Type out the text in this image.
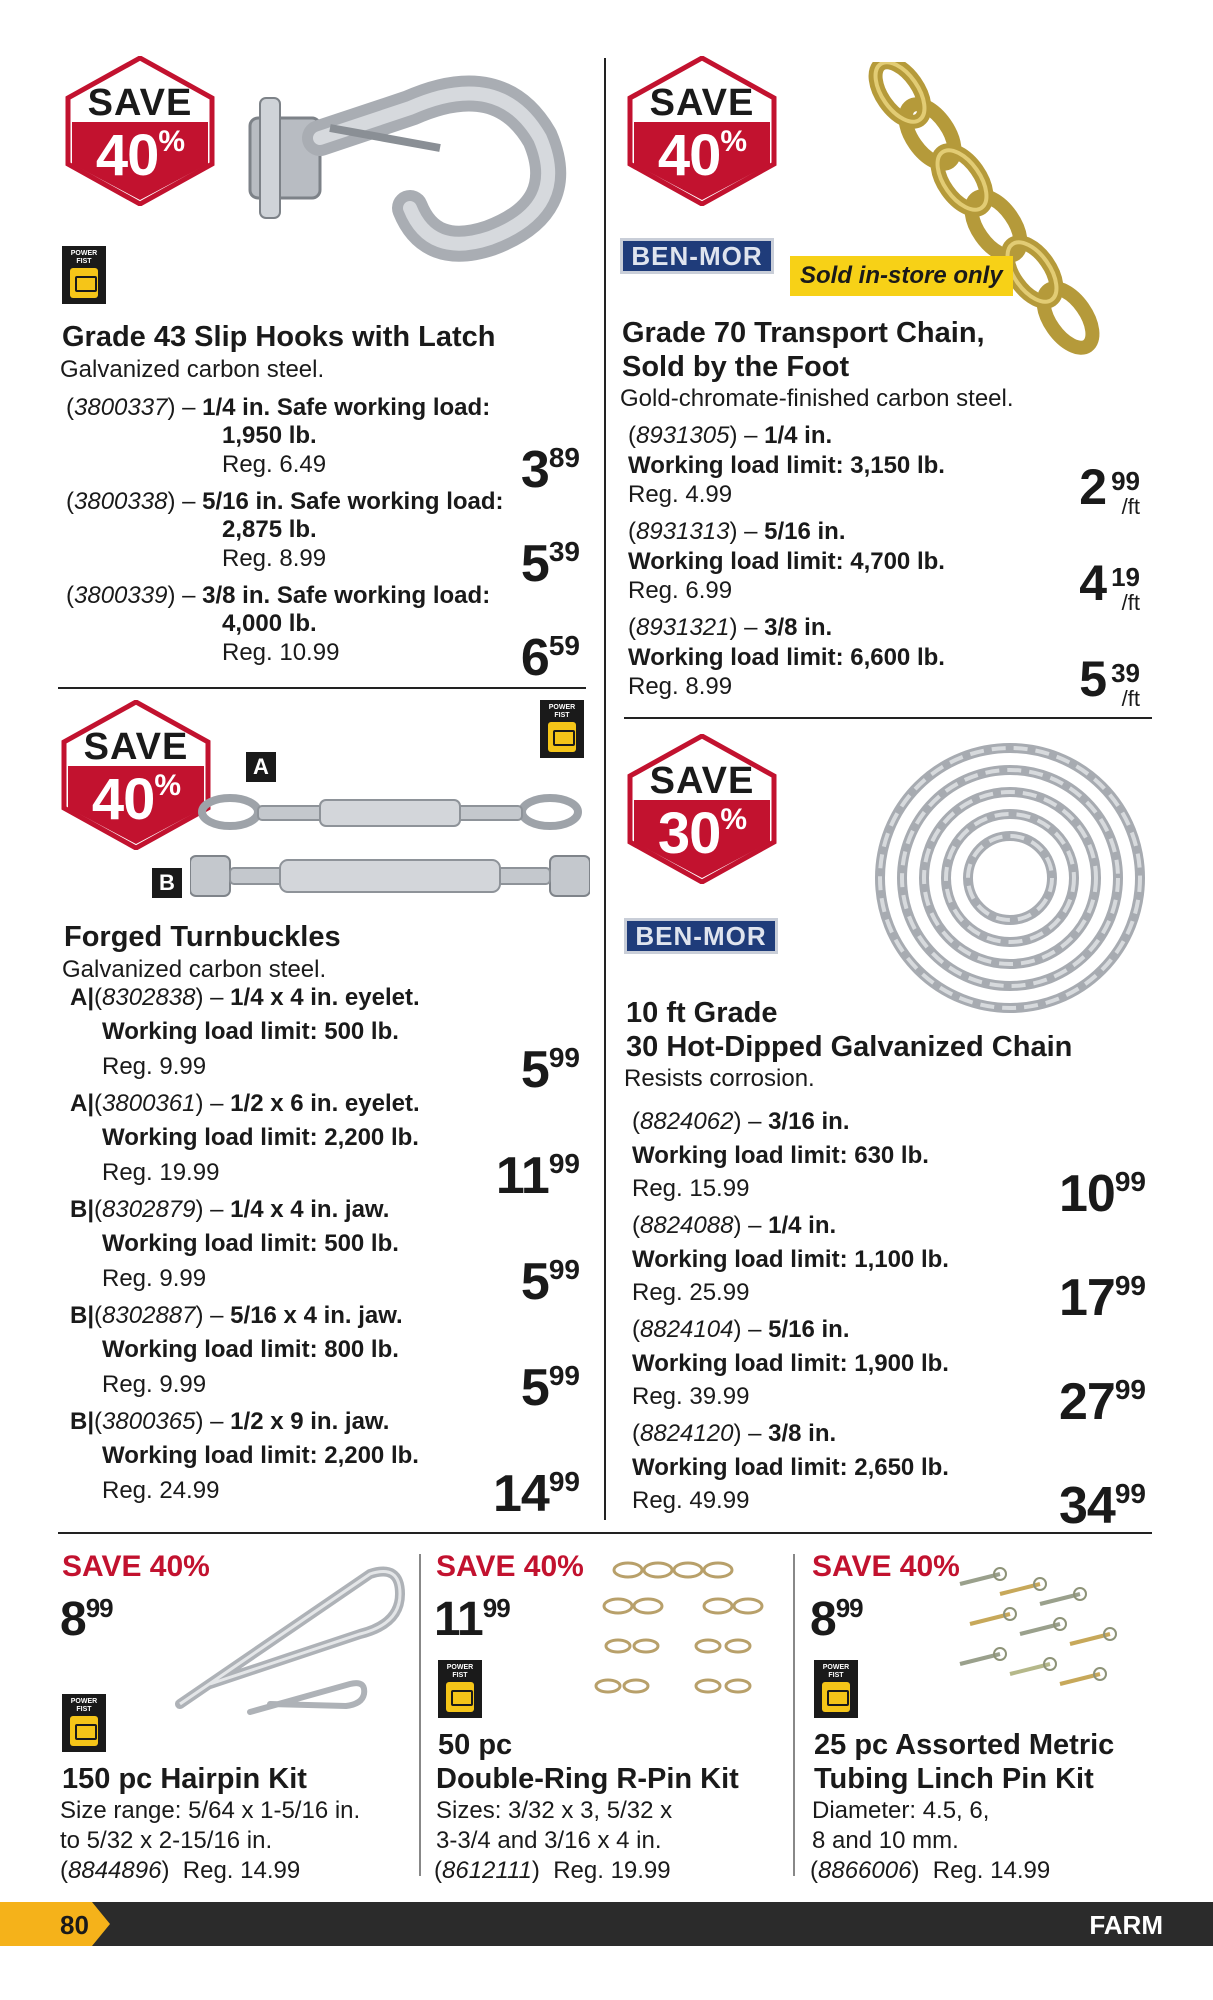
SAVE
40%
POWER
FIST
Grade 43 Slip Hooks with Latch
Galvanized carbon steel.
(3800337) – 1/4 in. Safe working load:
1,950 lb.
Reg. 6.49	$3^{89}$
(3800338) – 5/16 in. Safe working load:
2,875 lb.
Reg. 8.99	$5^{39}$
(3800339) – 3/8 in. Safe working load:
4,000 lb.
Reg. 10.99	$6^{59}$
SAVE
40%
BEN-MOR
Sold in-store only
Grade 70 Transport Chain,
Sold by the Foot
Gold-chromate-finished carbon steel.
(8931305) – 1/4 in.
Working load limit: 3,150 lb.
Reg. 4.99	2 99
/ft
(8931313) – 5/16 in.
Working load limit: 4,700 lb.
Reg. 6.99	4 19
/ft
(8931321) – 3/8 in.
Working load limit: 6,600 lb.
Reg. 8.99	5 39
/ft
SAVE
40%
POWER
FIST
A
B
Forged Turnbuckles
Galvanized carbon steel.
A|(8302838) – 1/4 x 4 in. eyelet.
Working load limit: 500 lb.
Reg. 9.99	$5^{99}$
A|(3800361) – 1/2 x 6 in. eyelet.
Working load limit: 2,200 lb.
Reg. 19.99	$11^{99}$
B|(8302879) – 1/4 x 4 in. jaw.
Working load limit: 500 lb.
Reg. 9.99	$5^{99}$
B|(8302887) – 5/16 x 4 in. jaw.
Working load limit: 800 lb.
Reg. 9.99	$5^{99}$
B|(3800365) – 1/2 x 9 in. jaw.
Working load limit: 2,200 lb.
Reg. 24.99	$14^{99}$
SAVE
30%
BEN-MOR
10 ft Grade
30 Hot-Dipped Galvanized Chain
Resists corrosion.
(8824062) – 3/16 in.
Working load limit: 630 lb.
Reg. 15.99	$10^{99}$
(8824088) – 1/4 in.
Working load limit: 1,100 lb.
Reg. 25.99	$17^{99}$
(8824104) – 5/16 in.
Working load limit: 1,900 lb.
Reg. 39.99	$27^{99}$
(8824120) – 3/8 in.
Working load limit: 2,650 lb.
Reg. 49.99	$34^{99}$
SAVE 40%
$8^{99}$
POWER
FIST
150 pc Hairpin Kit
Size range: 5/64 x 1-5/16 in.
to 5/32 x 2-15/16 in.
(8844896)  Reg. 14.99
SAVE 40%
$11^{99}$
POWER
FIST
50 pc
Double-Ring R-Pin Kit
Sizes: 3/32 x 3, 5/32 x
3-3/4 and 3/16 x 4 in.
(8612111)  Reg. 19.99
SAVE 40%
$8^{99}$
POWER
FIST
25 pc Assorted Metric
Tubing Linch Pin Kit
Diameter: 4.5, 6,
8 and 10 mm.
(8866006)  Reg. 14.99
80	FARM
